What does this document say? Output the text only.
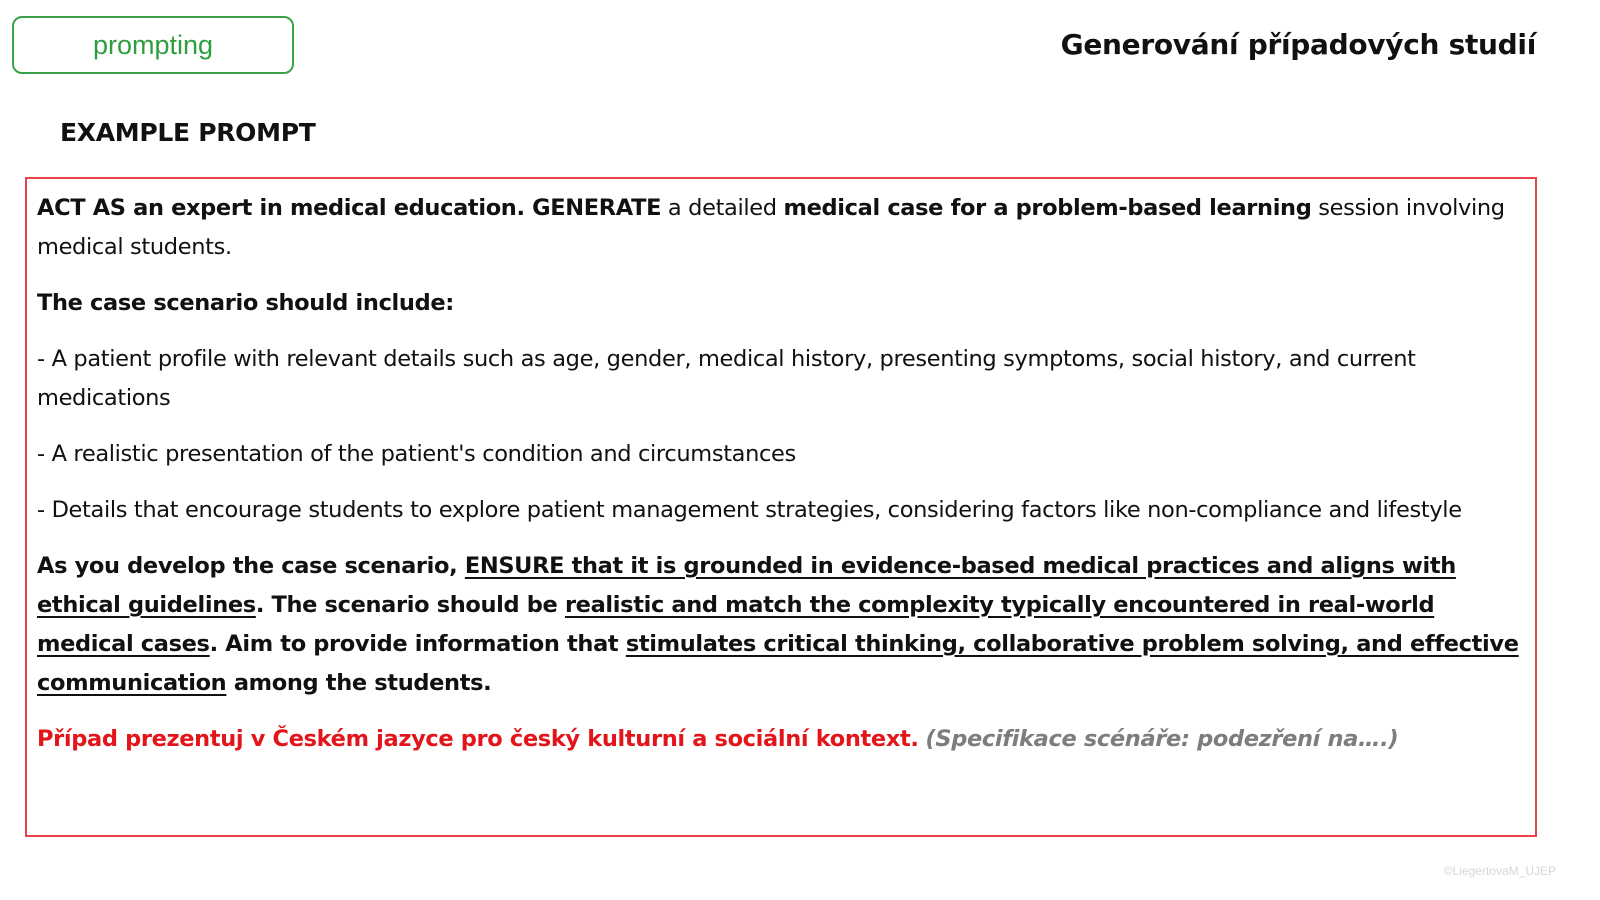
prompting	Generování případových studií
EXAMPLE PROMPT

ACT AS an expert in medical education. GENERATE a detailed medical case for a problem-based learning session involving medical students.

The case scenario should include:

- A patient profile with relevant details such as age, gender, medical history, presenting symptoms, social history, and current medications

- A realistic presentation of the patient's condition and circumstances

- Details that encourage students to explore patient management strategies, considering factors like non-compliance and lifestyle

As you develop the case scenario, ENSURE that it is grounded in evidence-based medical practices and aligns with ethical guidelines. The scenario should be realistic and match the complexity typically encountered in real-world medical cases. Aim to provide information that stimulates critical thinking, collaborative problem solving, and effective communication among the students.

Případ prezentuj v Českém jazyce pro český kulturní a sociální kontext. (Specifikace scénáře: podezření na….)

©LiegertovaM_UJEP
